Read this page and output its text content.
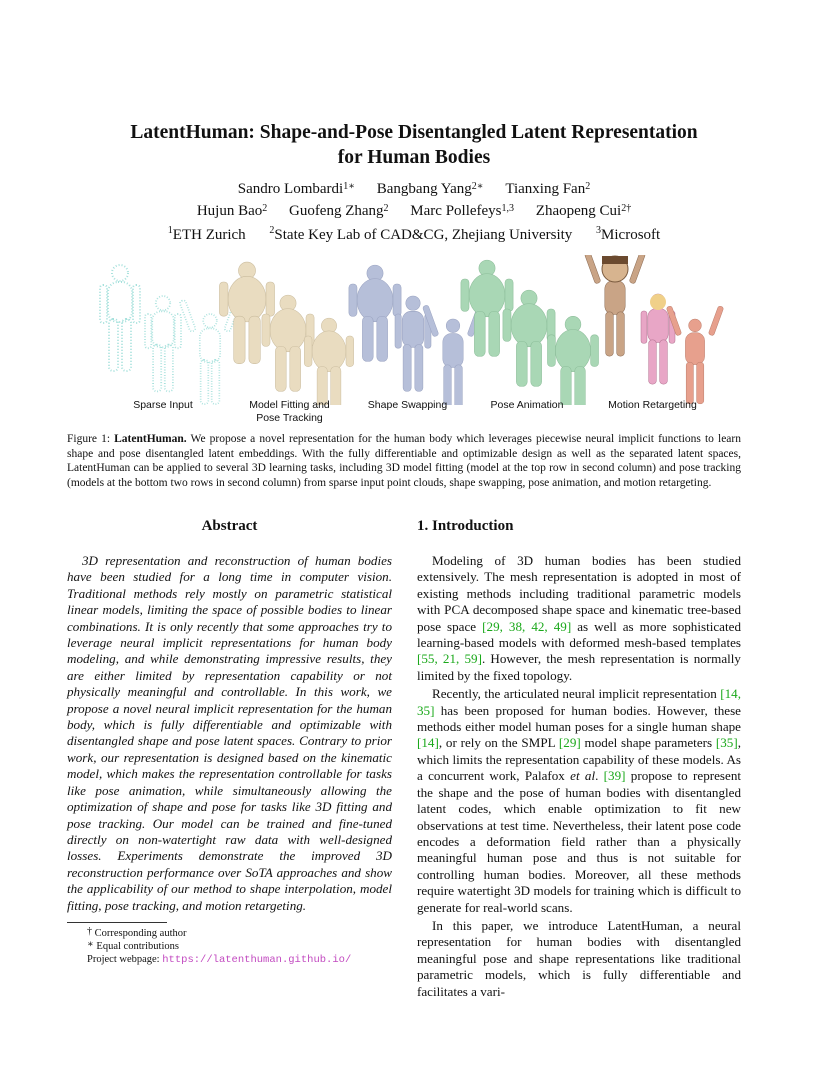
LatentHuman: Shape-and-Pose Disentangled Latent Representation
for Human Bodies
Sandro Lombardi$^{1∗}$ Bangbang Yang$^{2∗}$ Tianxing Fan$^2$
Hujun Bao$^2$ Guofeng Zhang$^2$ Marc Pollefeys$^{1,3}$ Zhaopeng Cui$^{2\dagger}$
$^1$ETH Zurich $^2$State Key Lab of CAD&CG, Zhejiang University $^3$Microsoft
Sparse Input	Model Fitting and
Pose Tracking
Shape Swapping	Pose Animation	Motion Retargeting
Figure 1: LatentHuman. We propose a novel representation for the human body which leverages piecewise neural implicit functions to learn shape and pose disentangled latent embeddings. With the fully differentiable and optimizable design as well as the separated latent spaces, LatentHuman can be applied to several 3D learning tasks, including 3D model fitting (model at the top row in second column) and pose tracking (models at the bottom two rows in second column) from sparse input point clouds, shape swapping, pose animation, and motion retargeting.
Abstract
3D representation and reconstruction of human bodies have been studied for a long time in computer vision. Traditional methods rely mostly on parametric statistical linear models, limiting the space of possible bodies to linear combinations. It is only recently that some approaches try to leverage neural implicit representations for human body modeling, and while demonstrating impressive results, they are either limited by representation capability or not physically meaningful and controllable. In this work, we propose a novel neural implicit representation for the human body, which is fully differentiable and optimizable with disentangled shape and pose latent spaces. Contrary to prior work, our representation is designed based on the kinematic model, which makes the representation controllable for tasks like pose animation, while simultaneously allowing the optimization of shape and pose for tasks like 3D fitting and pose tracking. Our model can be trained and fine-tuned directly on non-watertight raw data with well-designed losses. Experiments demonstrate the improved 3D reconstruction performance over SoTA approaches and show the applicability of our method to shape interpolation, model fitting, pose tracking, and motion retargeting.
† Corresponding author
∗ Equal contributions
Project webpage: https://latenthuman.github.io/
1. Introduction

Modeling of 3D human bodies has been studied extensively. The mesh representation is adopted in most of existing methods including traditional parametric models with PCA decomposed shape space and kinematic tree-based pose space [29, 38, 42, 49] as well as more sophisticated learning-based models with deformed mesh-based templates [55, 21, 59]. However, the mesh representation is normally limited by the fixed topology.

Recently, the articulated neural implicit representation [14, 35] has been proposed for human bodies. However, these methods either model human poses for a single human shape [14], or rely on the SMPL [29] model shape parameters [35], which limits the representation capability of these models. As a concurrent work, Palafox et al. [39] propose to represent the shape and the pose of human bodies with disentangled latent codes, which enable optimization to fit new observations at test time. Nevertheless, their latent pose code encodes a deformation field rather than a physically meaningful human pose and thus is not suitable for controlling human bodies. Moreover, all these methods require watertight 3D models for training which is difficult to generate for real-world scans.

In this paper, we introduce LatentHuman, a neural representation for human bodies with disentangled meaningful pose and shape representations like traditional parametric models, which is fully differentiable and facilitates a vari-
